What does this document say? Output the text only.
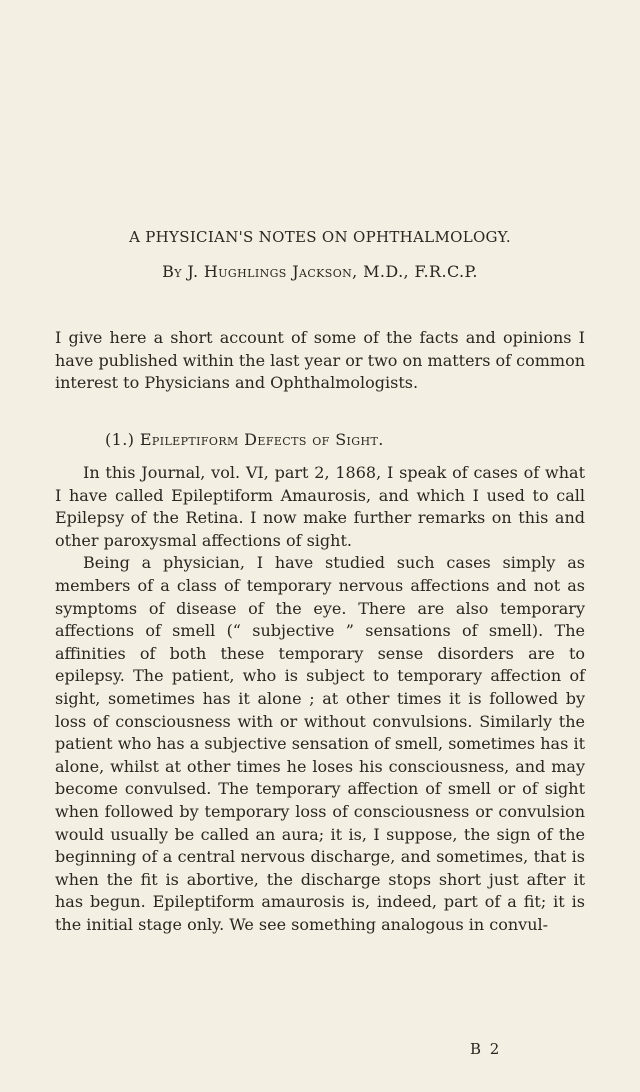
A PHYSICIAN'S NOTES ON OPHTHALMOLOGY.
By J. Hughlings Jackson, M.D., F.R.C.P.

I give here a short account of some of the facts and opinions I have published within the last year or two on matters of common interest to Physicians and Ophthalmologists.

(1.) Epileptiform Defects of Sight.

In this Journal, vol. VI, part 2, 1868, I speak of cases of what I have called Epileptiform Amaurosis, and which I used to call Epilepsy of the Retina. I now make further remarks on this and other paroxysmal affections of sight.

Being a physician, I have studied such cases simply as members of a class of temporary nervous affections and not as symptoms of disease of the eye. There are also temporary affections of smell (“ subjective ” sensations of smell). The affinities of both these temporary sense disorders are to epilepsy. The patient, who is subject to temporary affection of sight, sometimes has it alone ; at other times it is followed by loss of consciousness with or without convulsions. Similarly the patient who has a subjective sensation of smell, sometimes has it alone, whilst at other times he loses his consciousness, and may become convulsed. The temporary affection of smell or of sight when followed by temporary loss of consciousness or convulsion would usually be called an aura; it is, I suppose, the sign of the beginning of a central nervous discharge, and sometimes, that is when the fit is abortive, the discharge stops short just after it has begun. Epileptiform amaurosis is, indeed, part of a fit; it is the initial stage only. We see something analogous in convul-

B 2
